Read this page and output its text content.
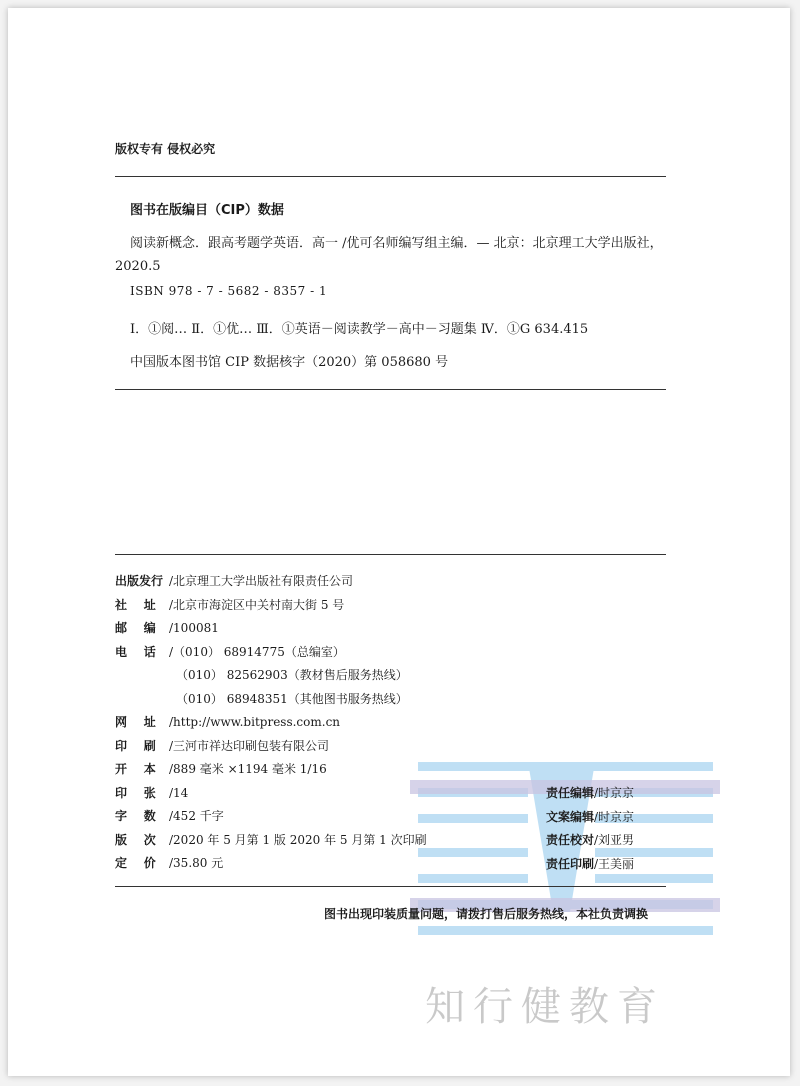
版权专有 侵权必究
图书在版编目（CIP）数据
阅读新概念．跟高考题学英语．高一 /优可名师编写组主编．— 北京：北京理工大学出版社，
2020.5
ISBN 978 - 7 - 5682 - 8357 - 1
Ⅰ．①阅… Ⅱ．①优… Ⅲ．①英语－阅读教学－高中－习题集 Ⅳ．①G 634.415
中国版本图书馆 CIP 数据核字（2020）第 058680 号
知行健教育
出版发行 /北京理工大学出版社有限责任公司
社    址 /北京市海淀区中关村南大街 5 号
邮    编 /100081
电    话 /（010） 68914775（总编室）
（010） 82562903（教材售后服务热线）
（010） 68948351（其他图书服务热线）
网    址 /http://www.bitpress.com.cn
印    刷 /三河市祥达印刷包装有限公司
开    本 /889 毫米 ×1194 毫米 1/16
印    张 /14
字    数 /452 千字
版    次 /2020 年 5 月第 1 版 2020 年 5 月第 1 次印刷
定    价 /35.80 元
责任编辑/时京京
文案编辑/时京京
责任校对/刘亚男
责任印刷/王美丽
图书出现印装质量问题，请拨打售后服务热线，本社负责调换
